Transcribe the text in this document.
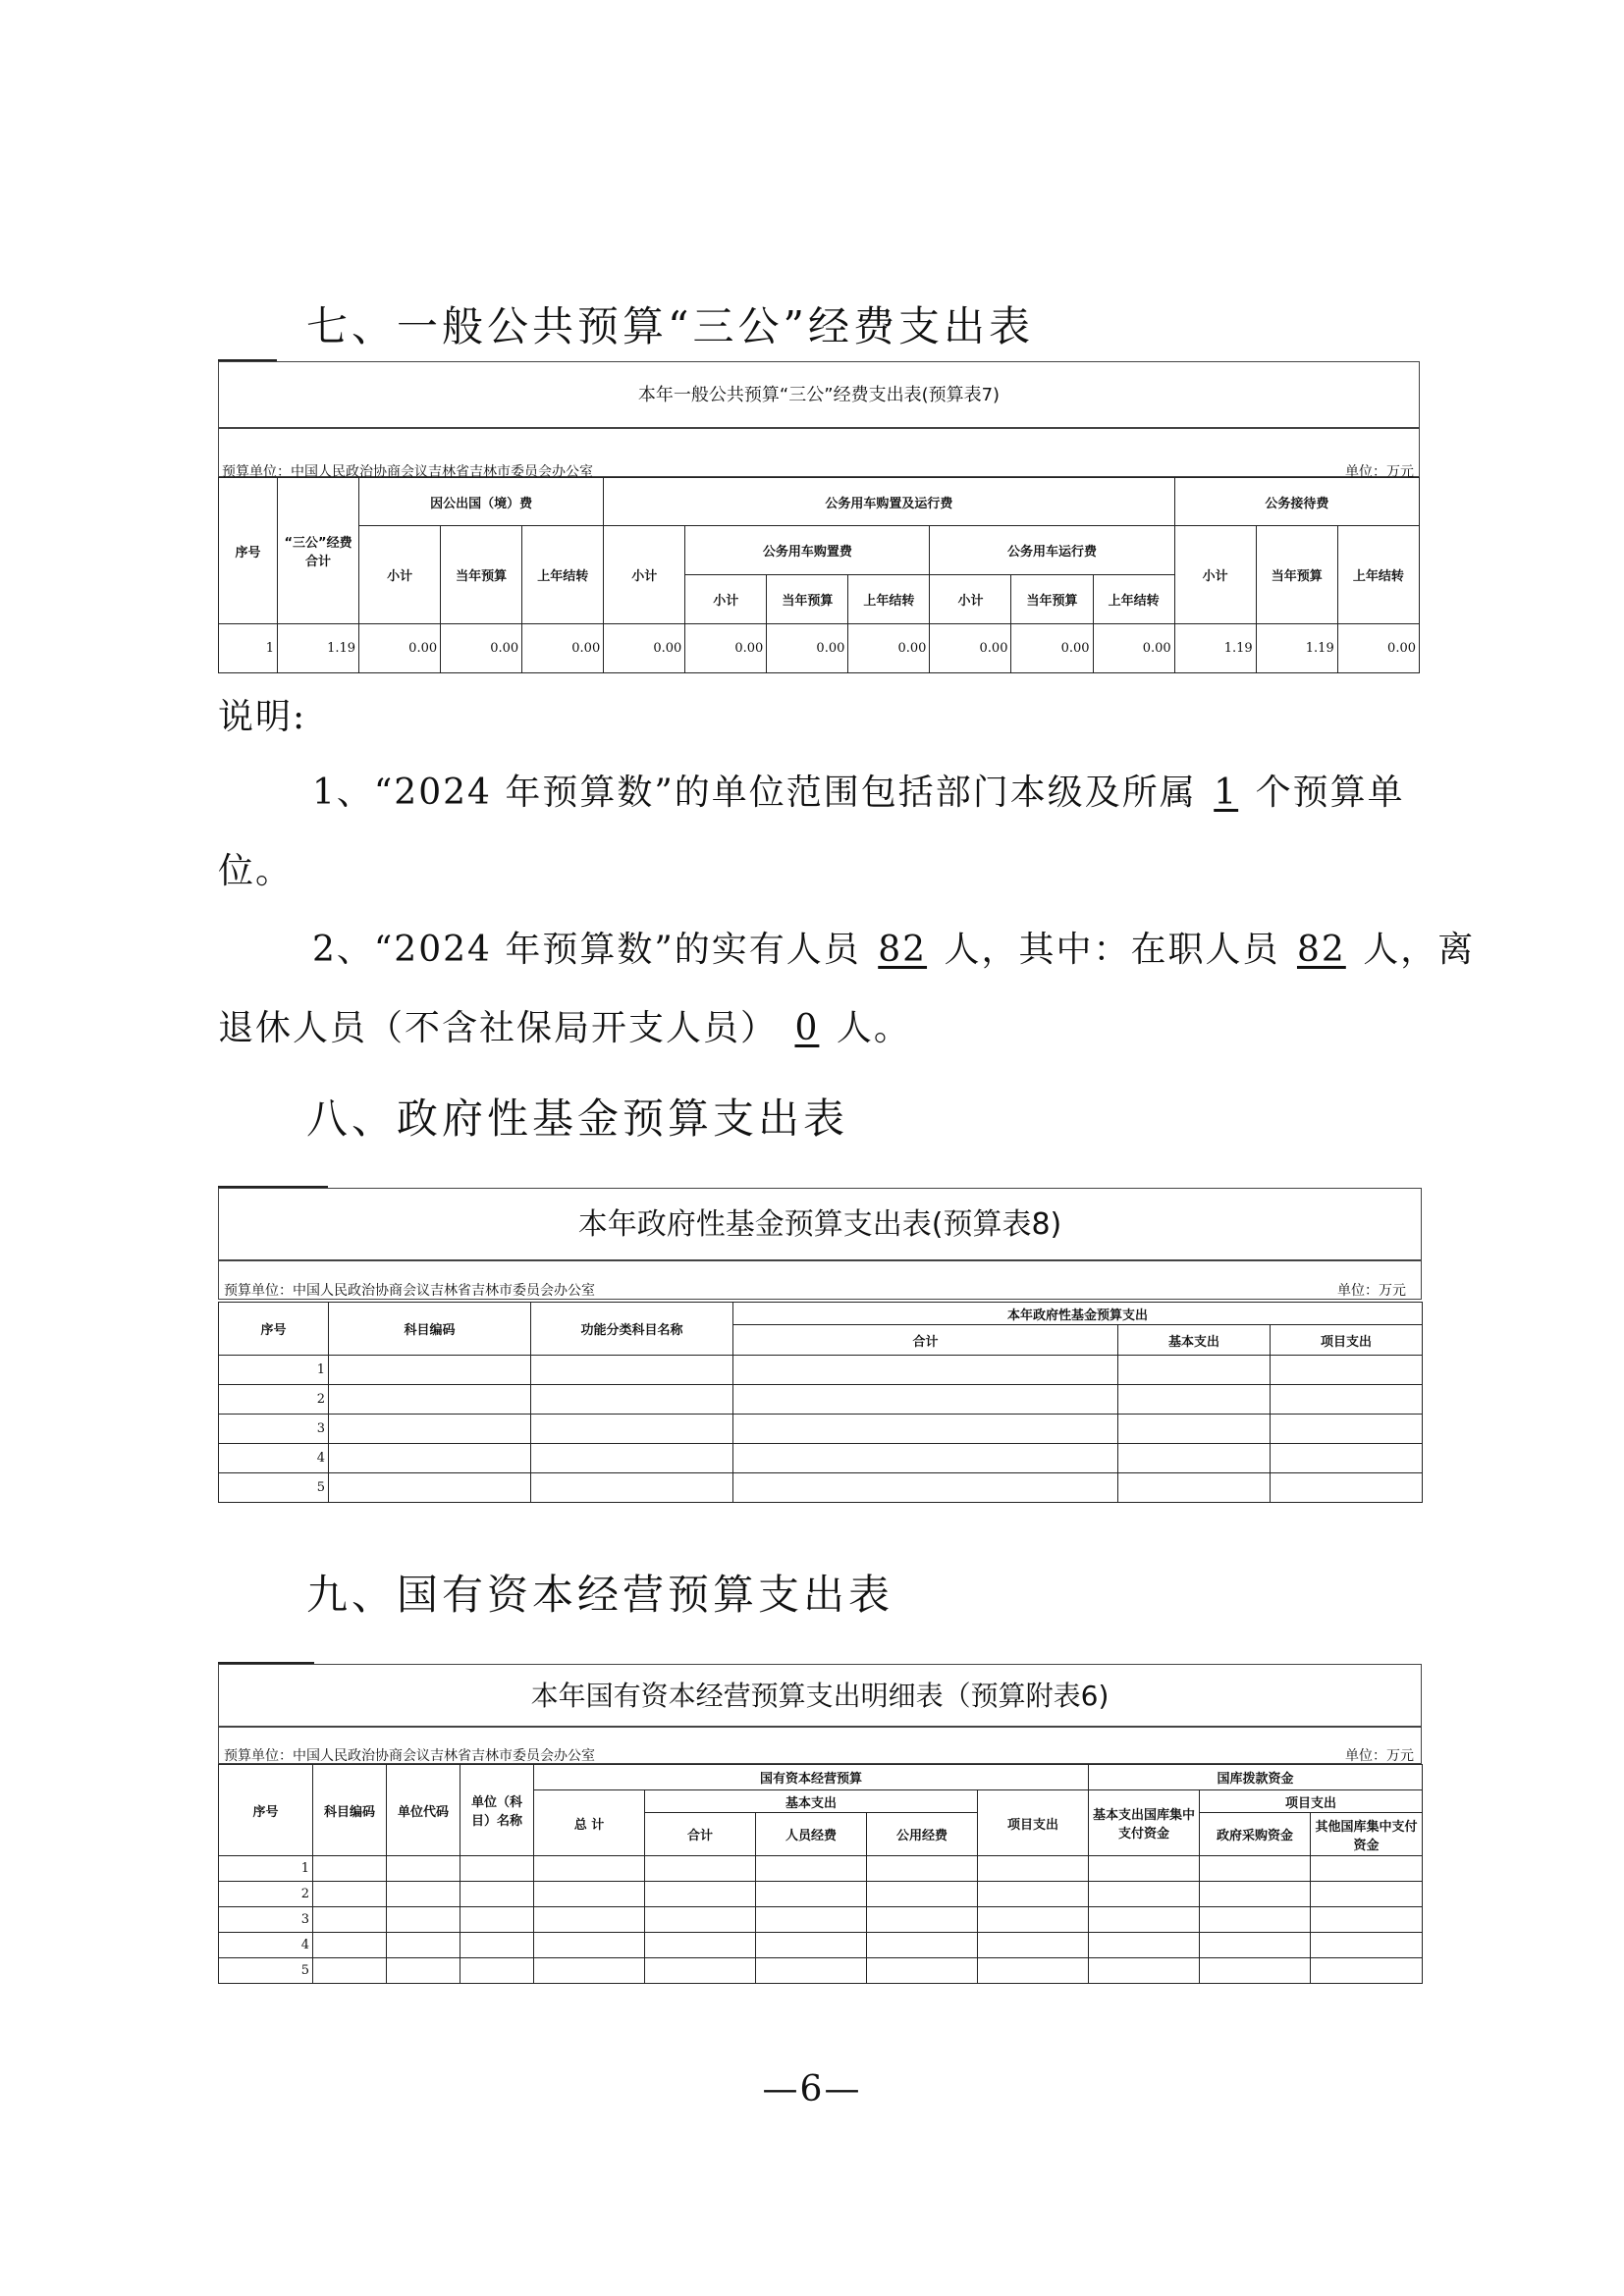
七、一般公共预算“三公”经费支出表
本年一般公共预算“三公”经费支出表(预算表7)
预算单位：中国人民政治协商会议吉林省吉林市委员会办公室	单位：万元
序号	“三公”经费合计	因公出国（境）费			公务用车购置及运行费							公务接待费		
		小计	当年预算	上年结转	小计	公务用车购置费			公务用车运行费			小计	当年预算	上年结转
						小计	当年预算	上年结转	小计	当年预算	上年结转			
1	1.19	0.00	0.00	0.00	0.00	0.00	0.00	0.00	0.00	0.00	0.00	1.19	1.19	0.00
说明:
1、“2024 年预算数”的单位范围包括部门本级及所属 1 个预算单
位。
2、“2024 年预算数”的实有人员 82 人，其中：在职人员 82 人，离
退休人员（不含社保局开支人员） 0 人。
八、政府性基金预算支出表
本年政府性基金预算支出表(预算表8)
预算单位：中国人民政治协商会议吉林省吉林市委员会办公室	单位：万元
序号	科目编码	功能分类科目名称	本年政府性基金预算支出		
			合计	基本支出	项目支出
1					
2					
3					
4					
5					
九、国有资本经营预算支出表
本年国有资本经营预算支出明细表（预算附表6)
预算单位：中国人民政治协商会议吉林省吉林市委员会办公室	单位：万元
序号	科目编码	单位代码	单位（科目）名称	国有资本经营预算					国库拨款资金		
				总 计	基本支出			项目支出	基本支出国库集中支付资金	项目支出	
					合计	人员经费	公用经费			政府采购资金	其他国库集中支付资金
1											
2											
3											
4											
5											
—6—
